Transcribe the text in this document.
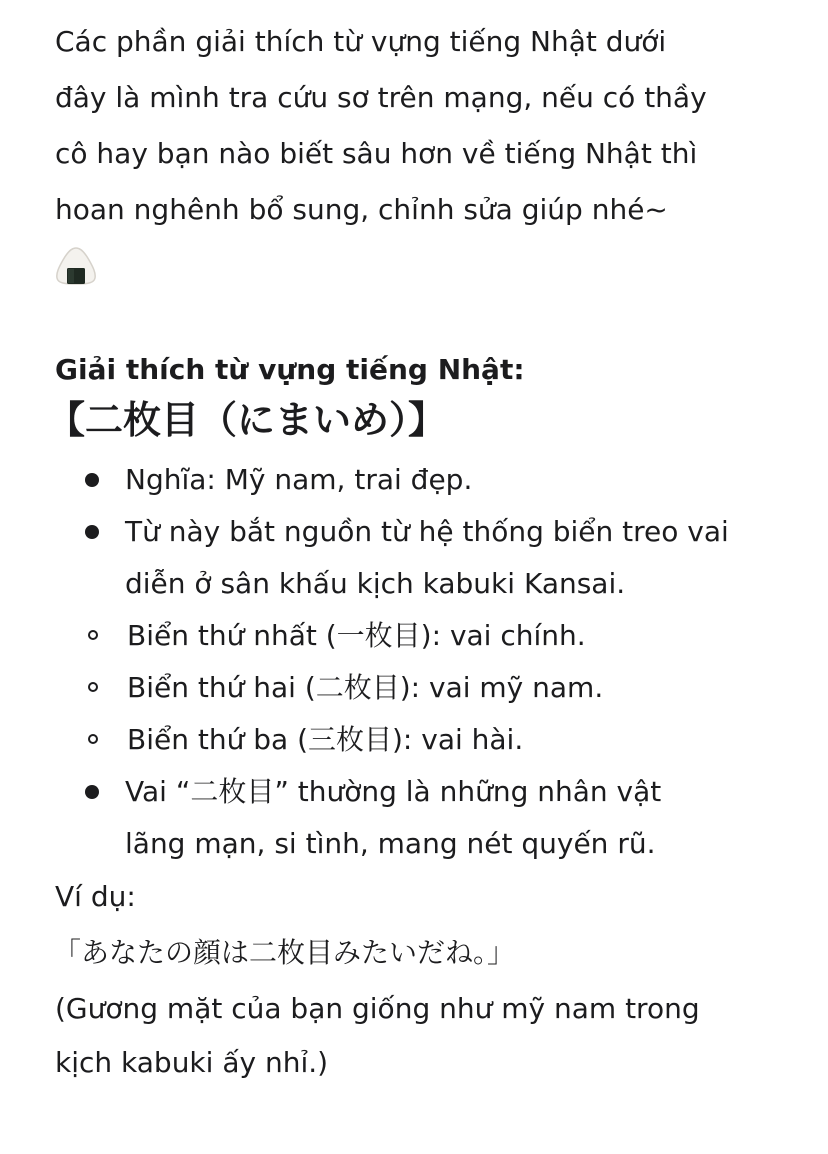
Các phần giải thích từ vựng tiếng Nhật dưới

đây là mình tra cứu sơ trên mạng, nếu có thầy

cô hay bạn nào biết sâu hơn về tiếng Nhật thì

hoan nghênh bổ sung, chỉnh sửa giúp nhé~

Giải thích từ vựng tiếng Nhật:

【二枚目（にまいめ）】

Nghĩa: Mỹ nam, trai đẹp.
Từ này bắt nguồn từ hệ thống biển treo vai
diễn ở sân khấu kịch kabuki Kansai.
Biển thứ nhất (一枚目): vai chính.
Biển thứ hai (二枚目): vai mỹ nam.
Biển thứ ba (三枚目): vai hài.
Vai “二枚目” thường là những nhân vật
lãng mạn, si tình, mang nét quyến rũ.

Ví dụ:

「あなたの顔は二枚目みたいだね。」

(Gương mặt của bạn giống như mỹ nam trong

kịch kabuki ấy nhỉ.)
